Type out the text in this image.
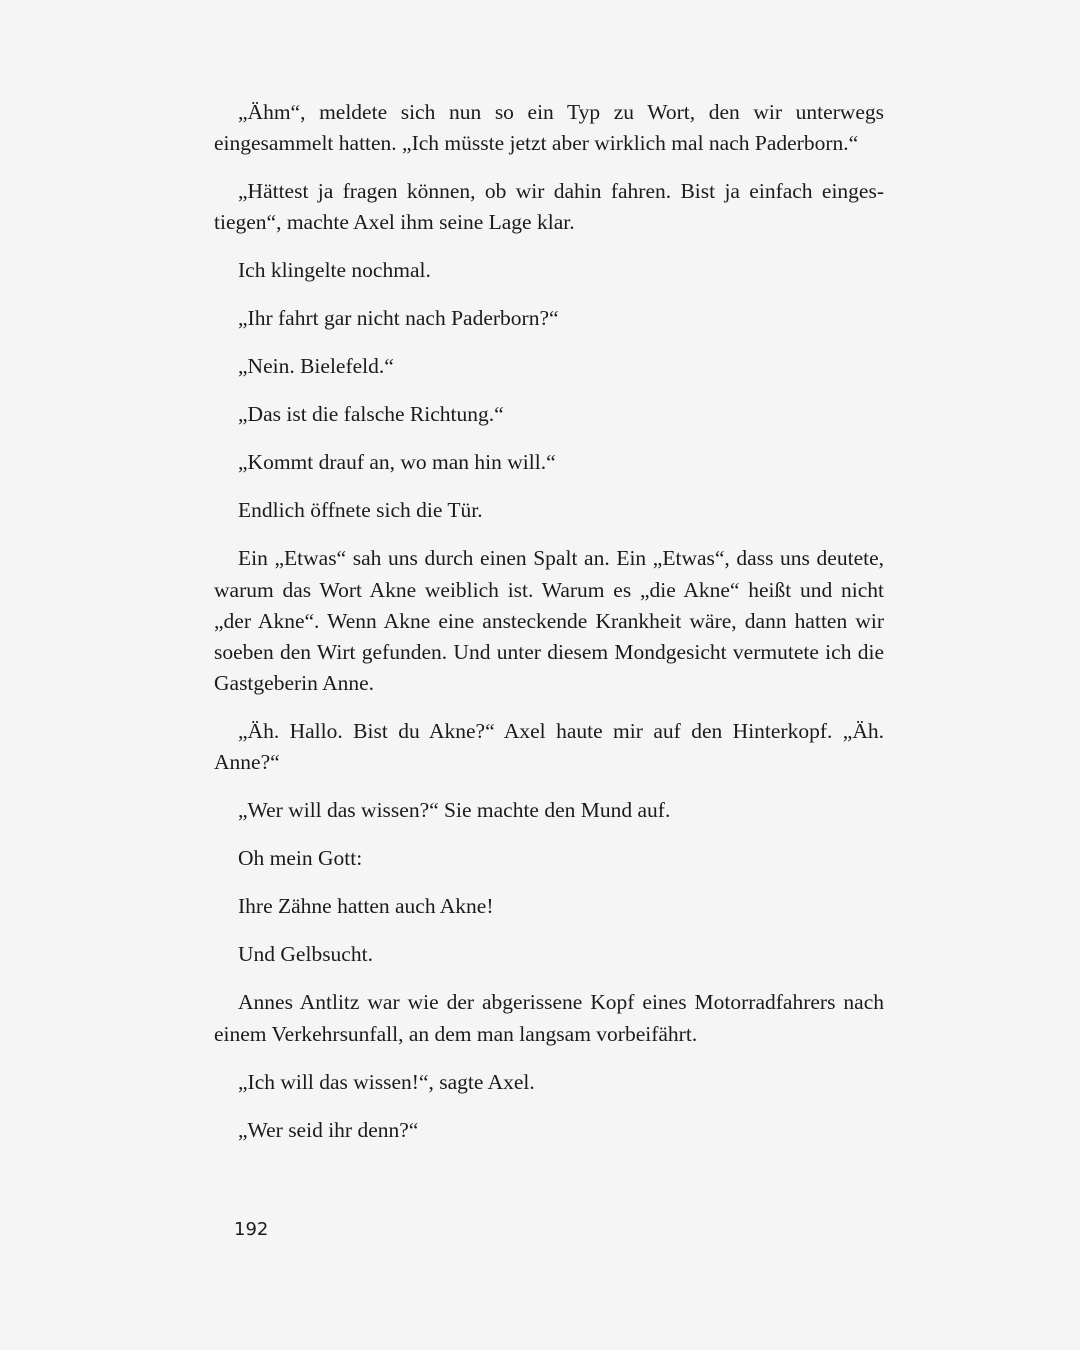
„Ähm“, meldete sich nun so ein Typ zu Wort, den wir unterwegs eingesammelt hatten. „Ich müsste jetzt aber wirklich mal nach Paderborn.“

„Hättest ja fragen können, ob wir dahin fahren. Bist ja einfach eingestiegen“, machte Axel ihm seine Lage klar.

Ich klingelte nochmal.

„Ihr fahrt gar nicht nach Paderborn?“

„Nein. Bielefeld.“

„Das ist die falsche Richtung.“

„Kommt drauf an, wo man hin will.“

Endlich öffnete sich die Tür.

Ein „Etwas“ sah uns durch einen Spalt an. Ein „Etwas“, dass uns deutete, warum das Wort Akne weiblich ist. Warum es „die Akne“ heißt und nicht „der Akne“. Wenn Akne eine ansteckende Krankheit wäre, dann hatten wir soeben den Wirt gefunden. Und unter diesem Mondgesicht vermutete ich die Gastgeberin Anne.

„Äh. Hallo. Bist du Akne?“ Axel haute mir auf den Hinterkopf. „Äh. Anne?“

„Wer will das wissen?“ Sie machte den Mund auf.

Oh mein Gott:

Ihre Zähne hatten auch Akne!

Und Gelbsucht.

Annes Antlitz war wie der abgerissene Kopf eines Motorradfahrers nach einem Verkehrsunfall, an dem man langsam vorbeifährt.

„Ich will das wissen!“, sagte Axel.

„Wer seid ihr denn?“

192
